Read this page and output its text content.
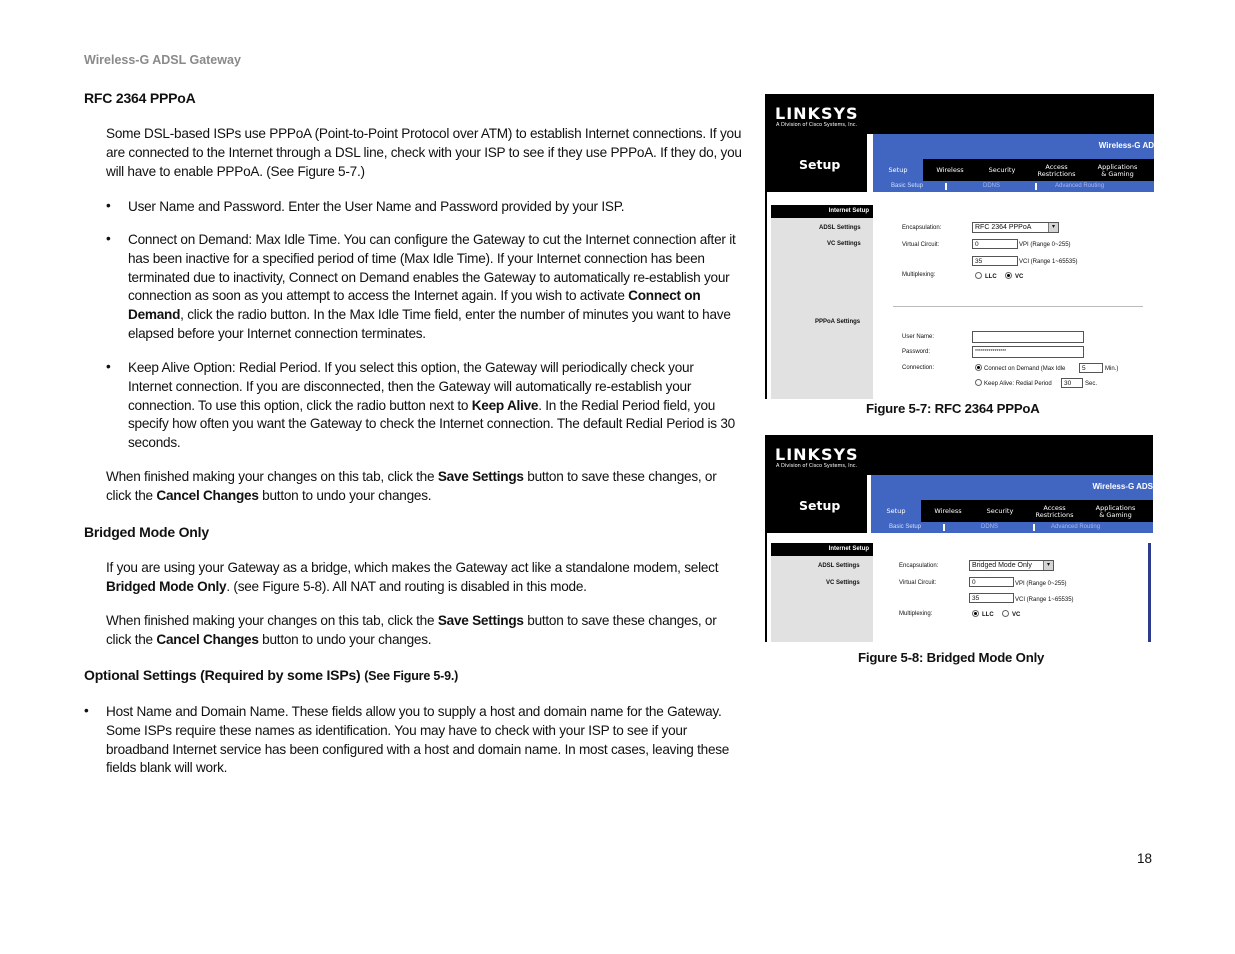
Wireless-G ADSL Gateway
RFC 2364 PPPoA

Some DSL-based ISPs use PPPoA (Point-to-Point Protocol over ATM) to establish Internet connections. If you

are connected to the Internet through a DSL line, check with your ISP to see if they use PPPoA. If they do, you

will have to enable PPPoA. (See Figure 5-7.)

• User Name and Password. Enter the User Name and Password provided by your ISP.

• Connect on Demand: Max Idle Time. You can configure the Gateway to cut the Internet connection after it

has been inactive for a specified period of time (Max Idle Time). If your Internet connection has been

terminated due to inactivity, Connect on Demand enables the Gateway to automatically re-establish your

connection as soon as you attempt to access the Internet again. If you wish to activate Connect on

Demand, click the radio button. In the Max Idle Time field, enter the number of minutes you want to have

elapsed before your Internet connection terminates.

• Keep Alive Option: Redial Period. If you select this option, the Gateway will periodically check your

Internet connection. If you are disconnected, then the Gateway will automatically re-establish your

connection. To use this option, click the radio button next to Keep Alive. In the Redial Period field, you

specify how often you want the Gateway to check the Internet connection. The default Redial Period is 30

seconds.

When finished making your changes on this tab, click the Save Settings button to save these changes, or

click the Cancel Changes button to undo your changes.

Bridged Mode Only

If you are using your Gateway as a bridge, which makes the Gateway act like a standalone modem, select

Bridged Mode Only. (see Figure 5-8). All NAT and routing is disabled in this mode.

When finished making your changes on this tab, click the Save Settings button to save these changes, or

click the Cancel Changes button to undo your changes.

Optional Settings (Required by some ISPs) (See Figure 5-9.)
• Host Name and Domain Name. These fields allow you to supply a host and domain name for the Gateway.

Some ISPs require these names as identification. You may have to check with your ISP to see if your

broadband Internet service has been configured with a host and domain name. In most cases, leaving these

fields blank will work.

LINKSYS
A Division of Cisco Systems, Inc.
Setup
Wireless-G AD
Setup	Wireless	Security	Access
Restrictions
Applications
& Gaming
Basic Setup	DDNS	Advanced Routing
Internet Setup
ADSL Settings
VC Settings
PPPoA Settings
Encapsulation:	RFC 2364 PPPoA	▾
Virtual Circuit:	0	VPI (Range 0~255)
35	VCI (Range 1~65535)
Multiplexing:	LLC	VC
User Name:
Password:	****************
Connection:	Connect on Demand (Max Idle	5	Min.)
Keep Alive: Redial Period	30	Sec.
Figure 5-7: RFC 2364 PPPoA
LINKSYS
A Division of Cisco Systems, Inc.
Setup
Wireless-G ADS
Setup	Wireless	Security	Access
Restrictions
Applications
& Gaming
Basic Setup	DDNS	Advanced Routing
Internet Setup
ADSL Settings
VC Settings
Encapsulation:	Bridged Mode Only	▾
Virtual Circuit:	0	VPI (Range 0~255)
35	VCI (Range 1~65535)
Multiplexing:	LLC	VC
Figure 5-8: Bridged Mode Only
18
